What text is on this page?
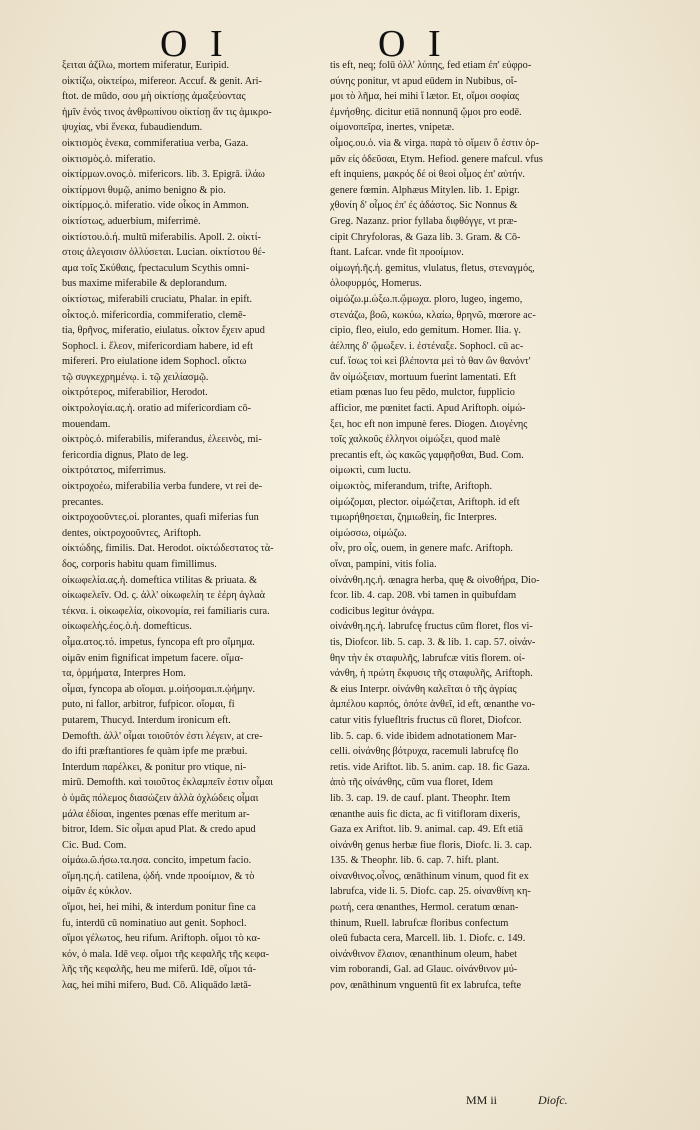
O I	O I

ξειται ἀζίλω, mortem miferatur, Euripid.

οἰκτίζω, οἰκτείρω, mifereor. Accuf. & genit. Ari-

ftot. de mūdo, σου μὴ οἰκτίσῃς ἀμαξεύοντας

ἡμῖν ἑνός τινος ἀνθρωπίνου οἰκτίσῃ ἄν τις ἀμικρο-

ψυχίας, vbi ἕνεκα, fubaudiendum.

οἰκτισμὸς ἑνεκα, commiferatiua verba, Gaza.

οἰκτισμὸς.ὁ. miferatio.

οἰκτίρμων.ονος.ὁ. mifericors. lib. 3. Epigrā. ἱλάω

οἰκτίρμονι θυμῷ, animo benigno & pio.

οἰκτίρμος.ὁ. miferatio. vide οἶκος in Ammon.

οἰκτίστως, aduerbium, miferrimè.

οἰκτίστου.ὁ.ή. multū miferabilis. Apoll. 2. οἰκτί-

στοις ἀλεγοισιν ὀλλύσεται. Lucian. οἰκτίστου θέ-

αμα τοῖς Σκύθαις, fpectaculum Scythis omni-

bus maxime miferabile & deplorandum.

οἰκτίστως, miferabili cruciatu, Phalar. in epift.

οἶκτος.ὁ. mifericordia, commiferatio, clemē-

tia, θρῆνος, miferatio, eiulatus. οἶκτον ἔχειν apud

Sophocl. i. ἔλεον, mifericordiam habere, id eft

mifereri. Pro eiulatione idem Sophocl. οἴκτω

τῷ συγκεχρημένῳ. i. τῷ χειλίασμῷ.

οἰκτρότερος, miferabilior, Herodot.

οἰκτρολογία.ας.ἡ. oratio ad mifericordiam cō-

mouendam.

οἰκτρὸς.ὁ. miferabilis, miferandus, ἐλεεινὸς, mi-

fericordia dignus, Plato de leg.

οἰκτρότατος, miferrimus.

οἰκτροχοέω, miferabilia verba fundere, vt rei de-

precantes.

οἰκτροχοοῦντες.οἱ. plorantes, quafi miferias fun

dentes, οἰκτροχοοῦντες, Ariftoph.

οἰκτώδης, fimilis. Dat. Herodot. οἰκτώδεστατος τὰ-

δος, corporis habitu quam fimillimus.

οἰκωφελία.ας.ἡ. domeftica vtilitas & priuata. &

οἰκωφελεῖν. Od. ς. ἀλλ' οἰκωφελίη τε ἑέρη ἀγλαὰ

τέκνα. i. οἰκωφελία, οἰκονομία, rei familiaris cura.

οἰκωφελὴς.έος.ὁ.ἡ. domefticus.

οἶμα.ατος.τό. impetus, fyncopa eft pro οἴμημα.

οἰμᾶν enim fignificat impetum facere. οἴμα-

τα, ὁρμήματα, Interpres Hom.

οἶμαι, fyncopa ab οἴομαι. μ.οἰήσομαι.π.ᾠήμην.

puto, ni fallor, arbitror, fufpicor. οἴομαι, fi

putarem, Thucyd. Interdum ironicum eft.

Demofth. ἀλλ' οἶμαι τοιοῦτόν ἐστι λέγειν, at cre-

do ifti præftantiores fe quàm ipfe me præbui.

Interdum παρέλκει, & ponitur pro vtique, ni-

mirū. Demofth. καὶ τοιοῦτος ἐκλαμπεῖν ἐστιν οἶμαι

ὁ ὑμᾶς πόλεμος διασώζειν ἀλλὰ ὀχλώδεις οἶμαι

μάλα ἐδίσαι, ingentes pœnas effe meritum ar-

bitror, Idem. Sic οἶμαι apud Plat. & credo apud

Cic. Bud. Com.

οἰμάω.ῶ.ήσω.τα.ησα. concito, impetum facio.

οἴμη.ης.ἡ. catilena, ᾠδή. vnde προοίμιον, & τὸ

οἰμᾶν ἐς κύκλον.

οἴμοι, hei, hei mihi, & interdum ponitur fine ca

fu, interdū cū nominatiuo aut genit. Sophocl.

οἴμοι γέλωτος, heu rifum. Ariftoph. οἴμοι τὸ κα-

κόν, ὁ mala. Idē νεφ. οἴμοι τῆς κεφαλῆς τῆς κεφα-

λῆς τῆς κεφαλῆς, heu me miferū. Idē, οἴμοι τά-

λας, hei mihi mifero, Bud. Cō. Aliquādo lætā-

tis eft, neq; folū ὀλλ' λύπης, fed etiam ἐπ' εὐφρο-

σύνης ponitur, vt apud eūdem in Nubibus, οἴ-

μοι τὸ λῆμα, hei mihi ἵ lætor. Et, οἴμοι σοφίας

ἐμνήσθης. dicitur etiā nonnunq̄ ᾤμοι pro eodē.

οἰμονοπεῖρα, inertes, vnipetæ.

οἶμος.ου.ὁ. via & virga. παρὰ τὸ οἴμειν ὃ ἐστιν ὁρ-

μᾶν εἰς ὁδεῦσαι, Etym. Hefiod. genere mafcul. vfus

eft inquiens, μακρός δέ οἱ θεοὶ οἶμος ἐπ' αὐτήν.

genere fœmin. Alphæus Mitylen. lib. 1. Epigr.

χθονίη δ' οἶμος ἐπ' ἐς ἀδάστος. Sic Nonnus &

Greg. Nazanz. prior fyllaba διφθόγγε, vt præ-

cipit Chryfoloras, & Gaza lib. 3. Gram. & Cō-

ftant. Lafcar. vnde fit προοίμιον.

οἰμωγή.ῆς.ἡ. gemitus, vlulatus, fletus, στεναγμός,

ὀλοφυρμός, Homerus.

οἰμώζω.μ.ώξω.π.ᾤμωχα. ploro, lugeo, ingemo,

στενάζω, βοῶ, κωκύω, κλαίω, θρηνῶ, mœrore ac-

cipio, fleo, eiulo, edo gemitum. Homer. Ilia. γ.

ἀέλπης δ' ᾤμωξεν. i. ἐστέναξε. Sophocl. cū ac-

cuf. ἴσως τοὶ κεὶ βλέποντα μεὶ τὸ θαν ὢν θανόντ'

ἂν οἰμώξειαν, mortuum fuerint lamentati. Eft

etiam pœnas luo feu pēdo, mulctor, fupplicio

afficior, me pœnitet facti. Apud Ariftoph. οἰμώ-

ξει, hoc eft non impunè feres. Diogen. Διογένης

τοῖς χαλκοῦς ἐλληνοι οἰμώξει, quod malè

precantis eft, ὡς κακῶς γαμφῆσθαι, Bud. Com.

οἰμωκτὶ, cum luctu.

οἰμωκτὸς, miferandum, trifte, Ariftoph.

οἰμώζομαι, plector. οἰμώζεται, Ariftoph. id eft

τιμωρήθησεται, ζημιωθείη, fic Interpres.

οἰμώσσω, οἰμώζω.

οἶν, pro οἶς, ouem, in genere mafc. Ariftoph.

οἴναι, pampini, vitis folia.

οἰνάνθη.ης.ἡ. œnagra herba, quę & οἰνοθήρα, Dio-

fcor. lib. 4. cap. 208. vbi tamen in quibufdam

codicibus legitur ὀνάγρα.

οἰνάνθη.ης.ἡ. labrufcę fructus cūm floret, flos vi-

tis, Diofcor. lib. 5. cap. 3. & lib. 1. cap. 57. οἰνάν-

θην τὴν ἐκ σταφυλῆς, labrufcæ vitis florem. οἰ-

νάνθη, ἡ πρώτη ἔκφυσις τῆς σταφυλῆς, Ariftoph.

& eius Interpr. οἰνάνθη καλεῖται ὁ τῆς ἀγρίας

ἀμπέλου καρπός, ὁπότε ἀνθεῖ, id eft, œnanthe vo-

catur vitis fyluefltris fructus cū floret, Diofcor.

lib. 5. cap. 6. vide ibidem adnotationem Mar-

celli. οἰνάνθης βότρυχα, racemuli labrufcę flo

retis. vide Ariftot. lib. 5. anim. cap. 18. fic Gaza.

ἀπὸ τῆς οἰνάνθης, cūm vua floret, Idem

lib. 3. cap. 19. de cauf. plant. Theophr. Item

œnanthe auis fic dicta, ac fi vitifloram dixeris,

Gaza ex Ariftot. lib. 9. animal. cap. 49. Eft etiā

οἰνάνθη genus herbæ fiue floris, Diofc. li. 3. cap.

135. & Theophr. lib. 6. cap. 7. hift. plant.

οἰνανθινος.οἶνος, œnāthinum vinum, quod fit ex

labrufca, vide li. 5. Diofc. cap. 25. οἰνανθίνη κη-

ρωτή, cera œnanthes, Hermol. ceratum œnan-

thinum, Ruell. labrufcæ floribus confectum

oleū fubacta cera, Marcell. lib. 1. Diofc. c. 149.

οἰνάνθινον ἔλαιον, œnanthinum oleum, habet

vim roborandi, Gal. ad Glauc. οἰνάνθινον μύ-

ρον, œnāthinum vnguentū fit ex labrufca, tefte

MM ii	Diofc.
